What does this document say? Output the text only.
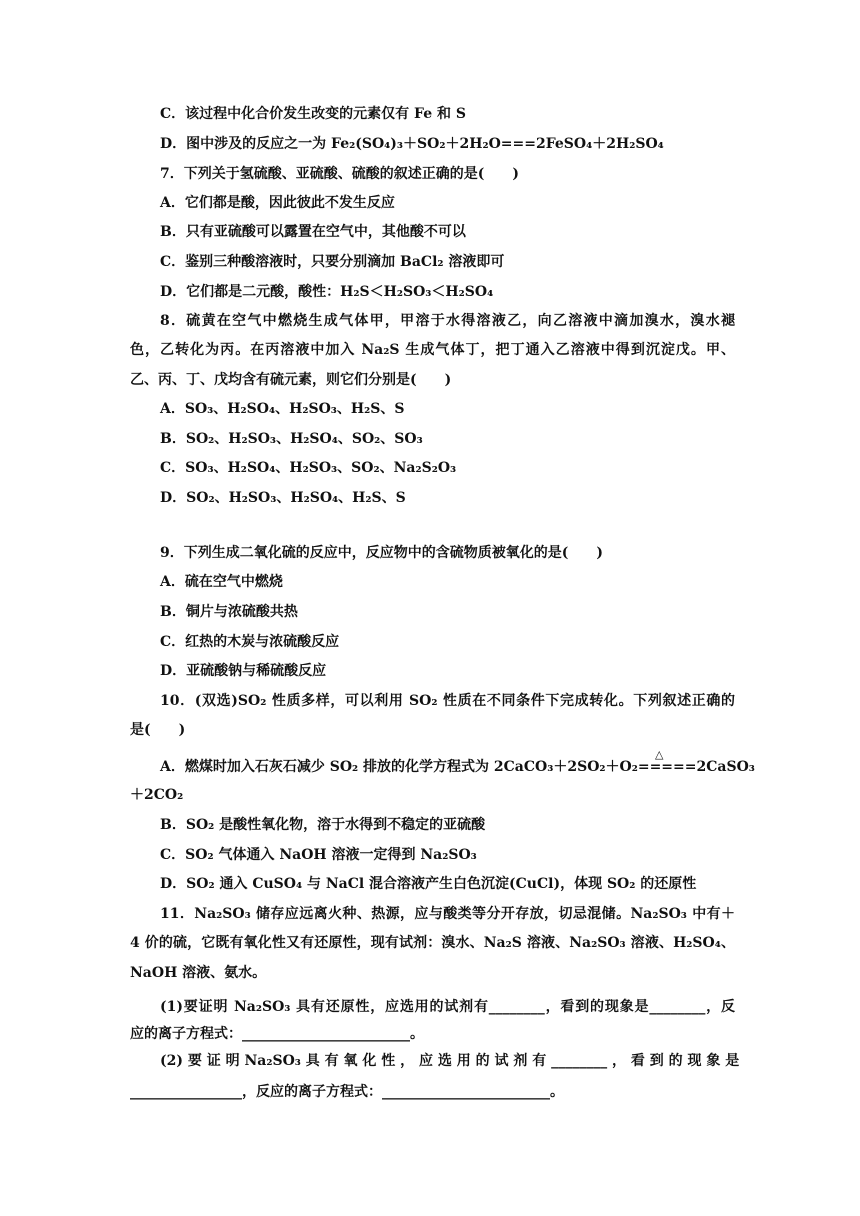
C．该过程中化合价发生改变的元素仅有 Fe 和 S
D．图中涉及的反应之一为 Fe₂(SO₄)₃＋SO₂＋2H₂O===2FeSO₄＋2H₂SO₄
7．下列关于氢硫酸、亚硫酸、硫酸的叙述正确的是(　　)
A．它们都是酸，因此彼此不发生反应
B．只有亚硫酸可以露置在空气中，其他酸不可以
C．鉴别三种酸溶液时，只要分别滴加 BaCl₂ 溶液即可
D．它们都是二元酸，酸性：H₂S＜H₂SO₃＜H₂SO₄
8．硫黄在空气中燃烧生成气体甲，甲溶于水得溶液乙，向乙溶液中滴加溴水，溴水褪
色，乙转化为丙。在丙溶液中加入 Na₂S 生成气体丁，把丁通入乙溶液中得到沉淀戊。甲、
乙、丙、丁、戊均含有硫元素，则它们分别是(　　)
A．SO₃、H₂SO₄、H₂SO₃、H₂S、S
B．SO₂、H₂SO₃、H₂SO₄、SO₂、SO₃
C．SO₃、H₂SO₄、H₂SO₃、SO₂、Na₂S₂O₃
D．SO₂、H₂SO₃、H₂SO₄、H₂S、S
9．下列生成二氧化硫的反应中，反应物中的含硫物质被氧化的是(　　)
A．硫在空气中燃烧
B．铜片与浓硫酸共热
C．红热的木炭与浓硫酸反应
D．亚硫酸钠与稀硫酸反应
10．(双选)SO₂ 性质多样，可以利用 SO₂ 性质在不同条件下完成转化。下列叙述正确的
是(　　)
△
A．燃煤时加入石灰石减少 SO₂ 排放的化学方程式为 2CaCO₃＋2SO₂＋O₂=====2CaSO₃
＋2CO₂
B．SO₂ 是酸性氧化物，溶于水得到不稳定的亚硫酸
C．SO₂ 气体通入 NaOH 溶液一定得到 Na₂SO₃
D．SO₂ 通入 CuSO₄ 与 NaCl 混合溶液产生白色沉淀(CuCl)，体现 SO₂ 的还原性
11．Na₂SO₃ 储存应远离火种、热源，应与酸类等分开存放，切忌混储。Na₂SO₃ 中有＋
4 价的硫，它既有氧化性又有还原性，现有试剂：溴水、Na₂S 溶液、Na₂SO₃ 溶液、H₂SO₄、
NaOH 溶液、氨水。
(1)要证明 Na₂SO₃ 具有还原性，应选用的试剂有________，看到的现象是________，反
应的离子方程式：________________________。
(2) 要 证 明 Na₂SO₃ 具 有 氧 化 性 ， 应 选 用 的 试 剂 有 ________ ， 看 到 的 现 象 是
________________，反应的离子方程式：________________________。
